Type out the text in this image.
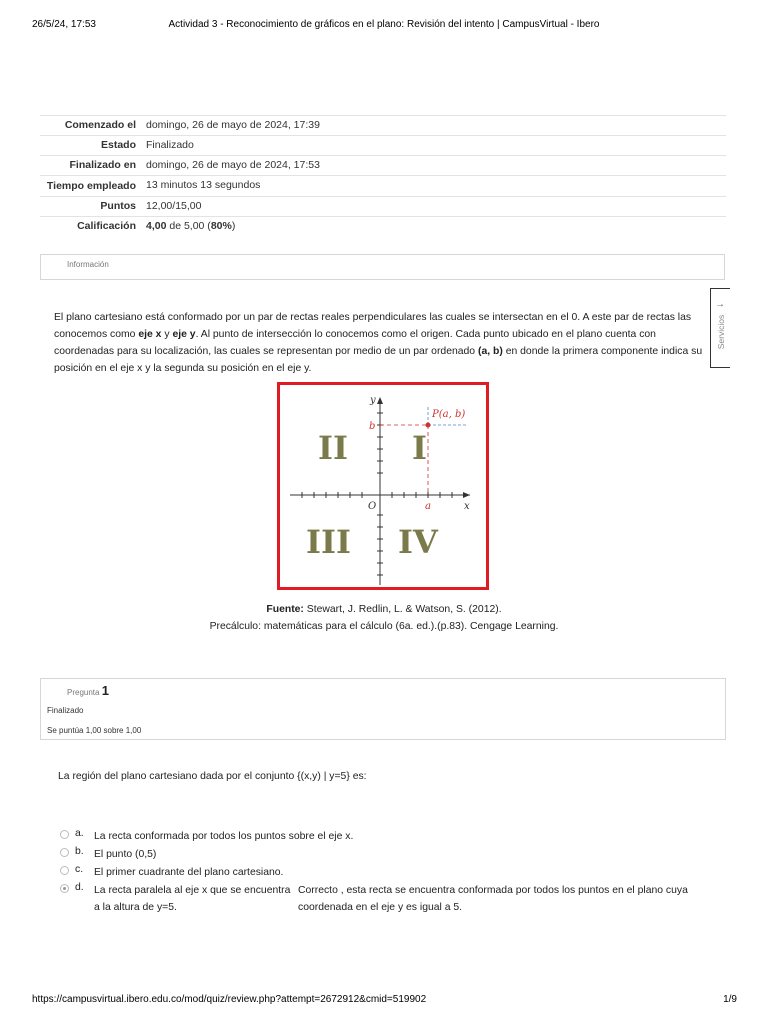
26/5/24, 17:53	Actividad 3 - Reconocimiento de gráficos en el plano: Revisión del intento | CampusVirtual - Ibero
Comenzado el	domingo, 26 de mayo de 2024, 17:39
Estado	Finalizado
Finalizado en	domingo, 26 de mayo de 2024, 17:53
Tiempo empleado	13 minutos 13 segundos
Puntos	12,00/15,00
Calificación	4,00 de 5,00 (80%)
Información
→
Servicios
El plano cartesiano está conformado por un par de rectas reales perpendiculares las cuales se intersectan en el 0. A este par de rectas las conocemos como eje x y eje y. Al punto de intersección lo conocemos como el origen. Cada punto ubicado en el plano cuenta con coordenadas para su localización, las cuales se representan por medio de un par ordenado (a, b) en donde la primera componente indica su posición en el eje x y la segunda su posición en el eje y.
y
x
O	a
b
P(a, b)
I
II
III IV
Fuente: Stewart, J. Redlin, L. & Watson, S. (2012).
Precálculo: matemáticas para el cálculo (6a. ed.).(p.83). Cengage Learning.
Pregunta 1
Finalizado
Se puntúa 1,00 sobre 1,00
La región del plano cartesiano dada por el conjunto {(x,y) | y=5} es:
a. La recta conformada por todos los puntos sobre el eje x.
b. El punto (0,5)
c. El primer cuadrante del plano cartesiano.
d. La recta paralela al eje x que se encuentra a la altura de y=5.
Correcto , esta recta se encuentra conformada por todos los puntos en el plano cuya coordenada en el eje y es igual a 5.
https://campusvirtual.ibero.edu.co/mod/quiz/review.php?attempt=2672912&cmid=519902	1/9
